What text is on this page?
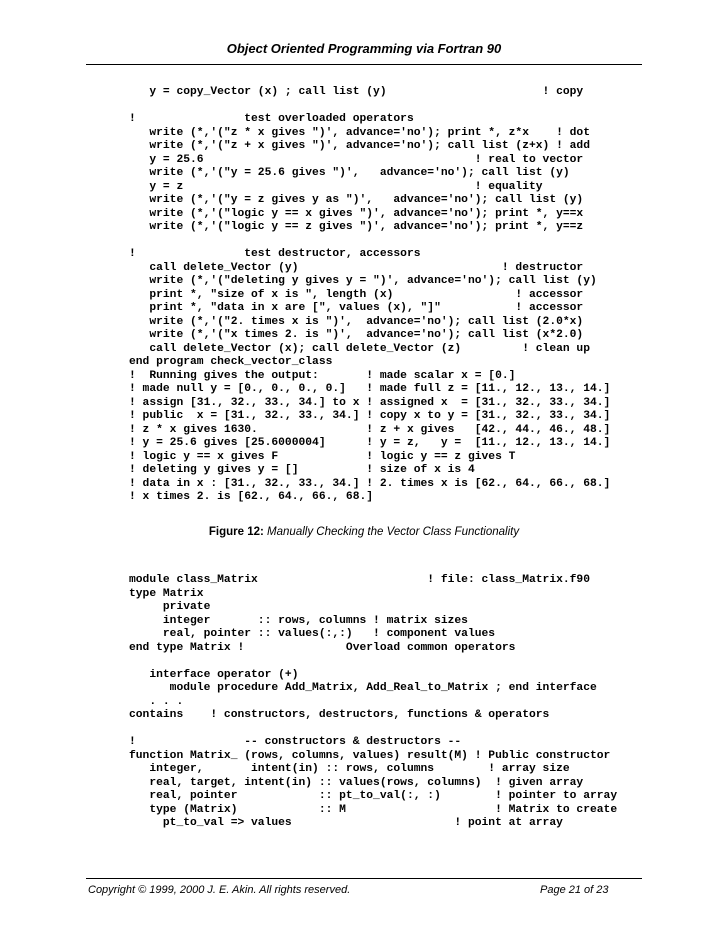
Object Oriented Programming via Fortran 90
y = copy_Vector (x) ; call list (y)                       ! copy
!                test overloaded operators
write (*,'("z * x gives ")', advance='no'); print *, z*x    ! dot
write (*,'("z + x gives ")', advance='no'); call list (z+x) ! add
y = 25.6                                        ! real to vector
write (*,'("y = 25.6 gives ")',   advance='no'); call list (y)
y = z                                           ! equality
write (*,'("y = z gives y as ")',   advance='no'); call list (y)
write (*,'("logic y == x gives ")', advance='no'); print *, y==x
write (*,'("logic y == z gives ")', advance='no'); print *, y==z
!                test destructor, accessors
call delete_Vector (y)                              ! destructor
write (*,'("deleting y gives y = ")', advance='no'); call list (y)
print *, "size of x is ", length (x)                  ! accessor
print *, "data in x are [", values (x), "]"           ! accessor
write (*,'("2. times x is ")',  advance='no'); call list (2.0*x)
write (*,'("x times 2. is ")',  advance='no'); call list (x*2.0)
call delete_Vector (x); call delete_Vector (z)         ! clean up
end program check_vector_class
!  Running gives the output:       ! made scalar x = [0.]
! made null y = [0., 0., 0., 0.]   ! made full z = [11., 12., 13., 14.]
! assign [31., 32., 33., 34.] to x ! assigned x  = [31., 32., 33., 34.]
! public  x = [31., 32., 33., 34.] ! copy x to y = [31., 32., 33., 34.]
! z * x gives 1630.                ! z + x gives   [42., 44., 46., 48.]
! y = 25.6 gives [25.6000004]      ! y = z,   y =  [11., 12., 13., 14.]
! logic y == x gives F             ! logic y == z gives T
! deleting y gives y = []          ! size of x is 4
! data in x : [31., 32., 33., 34.] ! 2. times x is [62., 64., 66., 68.]
! x times 2. is [62., 64., 66., 68.]
Figure 12: Manually Checking the Vector Class Functionality
module class_Matrix                         ! file: class_Matrix.f90
type Matrix
private
integer       :: rows, columns ! matrix sizes
real, pointer :: values(:,:)   ! component values
end type Matrix !               Overload common operators
interface operator (+)
module procedure Add_Matrix, Add_Real_to_Matrix ; end interface
. . .
contains    ! constructors, destructors, functions & operators
!                -- constructors & destructors --
function Matrix_ (rows, columns, values) result(M) ! Public constructor
integer,       intent(in) :: rows, columns        ! array size
real, target, intent(in) :: values(rows, columns)  ! given array
real, pointer            :: pt_to_val(:, :)        ! pointer to array
type (Matrix)            :: M                      ! Matrix to create
pt_to_val => values                        ! point at array
Copyright © 1999, 2000 J. E. Akin. All rights reserved.	Page 21 of 23
